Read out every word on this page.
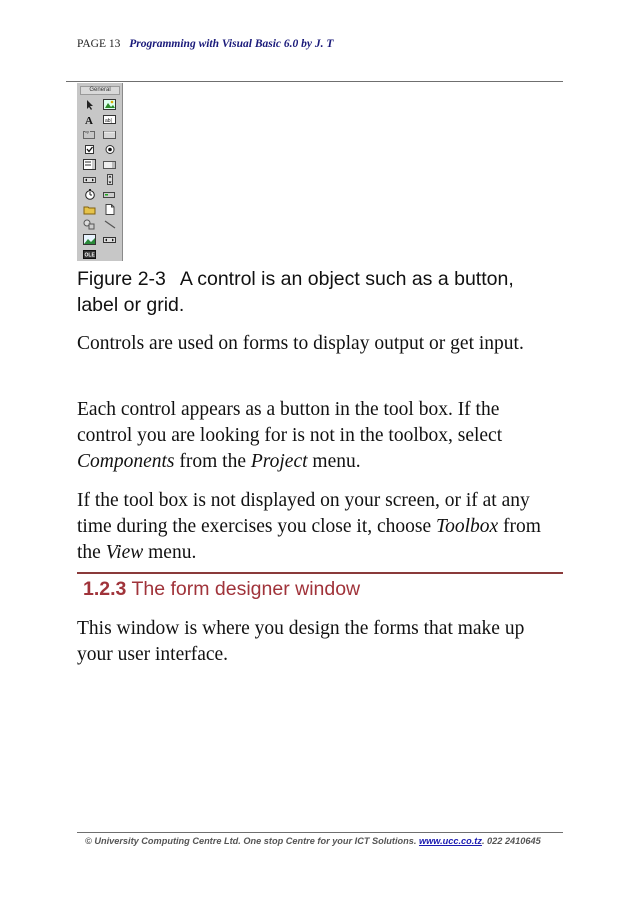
PAGE 13 Programming with Visual Basic 6.0 by J. T
General
A	ab|
xy
OLE
Figure 2-3 A control is an object such as a button, label or grid.
Controls are used on forms to display output or get input.
Each control appears as a button in the tool box. If the control you are looking for is not in the toolbox, select Components from the Project menu.
If the tool box is not displayed on your screen, or if at any time during the exercises you close it, choose Toolbox from the View menu.
1.2.3 The form designer window
This window is where you design the forms that make up your user interface.
© University Computing Centre Ltd. One stop Centre for your ICT Solutions. www.ucc.co.tz. 022 2410645
